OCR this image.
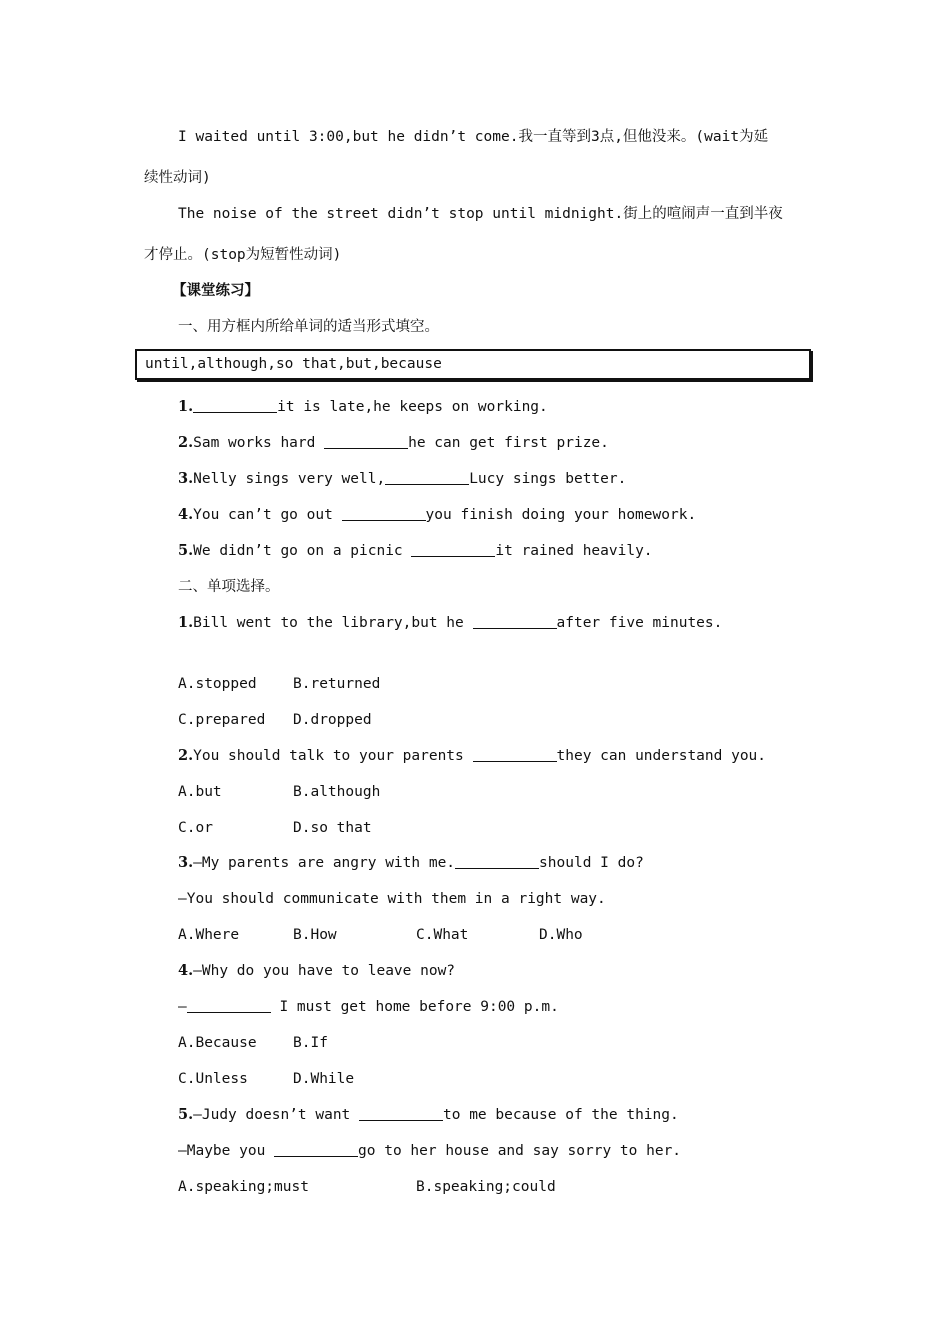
I waited until 3:00,but he didn’t come.我一直等到3点,但他没来。(wait为延
续性动词)
The noise of the street didn’t stop until midnight.街上的喧闹声一直到半夜
才停止。(stop为短暂性动词)
【课堂练习】
一、用方框内所给单词的适当形式填空。
until,although,so that,but,because
1.	it is late,he keeps on working.
2.Sam works hard	he can get first prize.
3.Nelly sings very well,	Lucy sings better.
4.You can’t go out	you finish doing your homework.
5.We didn’t go on a picnic	it rained heavily.
二、单项选择。
1.Bill went to the library,but he	after five minutes.
A.stopped	B.returned
C.prepared D.dropped
2.You should talk to your parents	they can understand you.
A.but	B.although
C.or	D.so that
3.—My parents are angry with me.	should I do?
—You should communicate with them in a right way.
A.Where	B.How	C.What	D.Who
4.—Why do you have to leave now?
—	I must get home before 9:00 p.m.
A.Because	B.If
C.Unless	D.While
5.—Judy doesn’t want	to me because of the thing.
—Maybe you	go to her house and say sorry to her.
A.speaking;must	B.speaking;could
